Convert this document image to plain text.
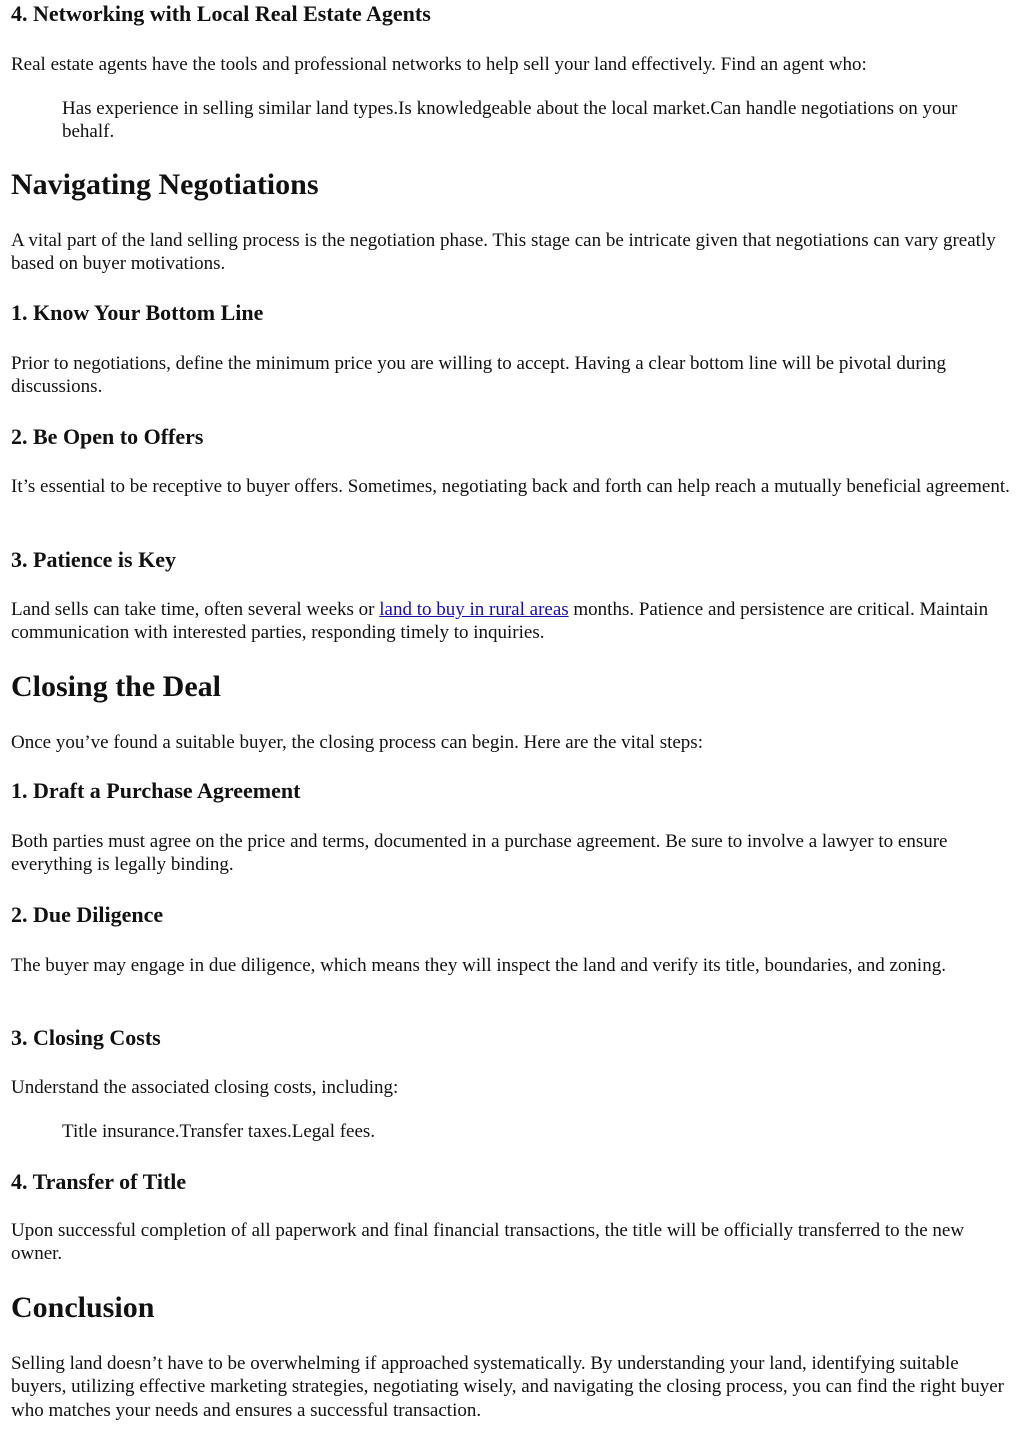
4. Networking with Local Real Estate Agents

Real estate agents have the tools and professional networks to help sell your land effectively. Find an agent who:

Has experience in selling similar land types.Is knowledgeable about the local market.Can handle negotiations on your behalf.

Navigating Negotiations

A vital part of the land selling process is the negotiation phase. This stage can be intricate given that negotiations can vary greatly based on buyer motivations.

1. Know Your Bottom Line

Prior to negotiations, define the minimum price you are willing to accept. Having a clear bottom line will be pivotal during discussions.

2. Be Open to Offers

It’s essential to be receptive to buyer offers. Sometimes, negotiating back and forth can help reach a mutually beneficial agreement.

3. Patience is Key

Land sells can take time, often several weeks or land to buy in rural areas months. Patience and persistence are critical. Maintain communication with interested parties, responding timely to inquiries.

Closing the Deal

Once you’ve found a suitable buyer, the closing process can begin. Here are the vital steps:

1. Draft a Purchase Agreement

Both parties must agree on the price and terms, documented in a purchase agreement. Be sure to involve a lawyer to ensure everything is legally binding.

2. Due Diligence

The buyer may engage in due diligence, which means they will inspect the land and verify its title, boundaries, and zoning.

3. Closing Costs

Understand the associated closing costs, including:

Title insurance.Transfer taxes.Legal fees.

4. Transfer of Title

Upon successful completion of all paperwork and final financial transactions, the title will be officially transferred to the new owner.

Conclusion

Selling land doesn’t have to be overwhelming if approached systematically. By understanding your land, identifying suitable buyers, utilizing effective marketing strategies, negotiating wisely, and navigating the closing process, you can find the right buyer who matches your needs and ensures a successful transaction.
